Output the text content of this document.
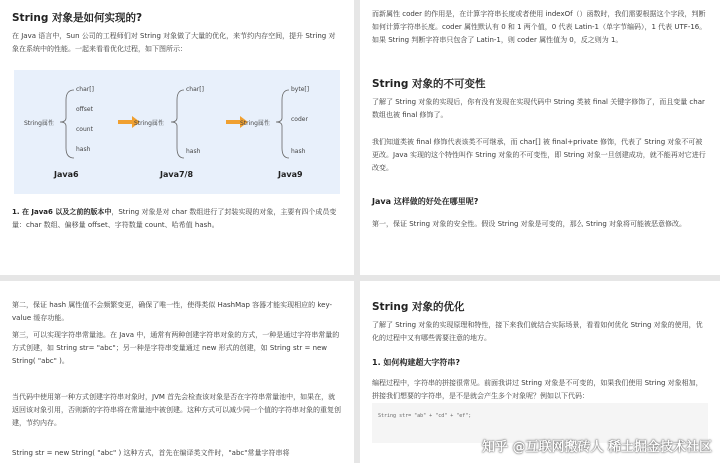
String 对象是如何实现的?
在 Java 语言中，Sun 公司的工程师们对 String 对象做了大量的优化，来节约内存空间，提升 String 对象在系统中的性能。一起来看看优化过程，如下图所示：
String属性
char[]
offset
count
hash
Java6
String属性
char[]
hash
Java7/8
String属性
byte[]
coder
hash
Java9
1. 在 Java6 以及之前的版本中，String 对象是对 char 数组进行了封装实现的对象，主要有四个成员变量：char 数组、偏移量 offset、字符数量 count、哈希值 hash。
而新属性 coder 的作用是，在计算字符串长度或者使用 indexOf（）函数时，我们需要根据这个字段，判断如何计算字符串长度。coder 属性默认有 0 和 1 两个值，0 代表 Latin-1（单字节编码），1 代表 UTF-16。如果 String 判断字符串只包含了 Latin-1，则 coder 属性值为 0，反之则为 1。
String 对象的不可变性
了解了 String 对象的实现后，你有没有发现在实现代码中 String 类被 final 关键字修饰了，而且变量 char 数组也被 final 修饰了。
我们知道类被 final 修饰代表该类不可继承，而 char[] 被 final+private 修饰，代表了 String 对象不可被更改。Java 实现的这个特性叫作 String 对象的不可变性，即 String 对象一旦创建成功，就不能再对它进行改变。
Java 这样做的好处在哪里呢?
第一，保证 String 对象的安全性。假设 String 对象是可变的，那么 String 对象将可能被恶意修改。
第二，保证 hash 属性值不会频繁变更，确保了唯一性，使得类似 HashMap 容器才能实现相应的 key-value 缓存功能。
第三，可以实现字符串常量池。在 Java 中，通常有两种创建字符串对象的方式，一种是通过字符串常量的方式创建，如 String str= "abc"；另一种是字符串变量通过 new 形式的创建，如 String str = new String( "abc" )。
当代码中使用第一种方式创建字符串对象时，JVM 首先会检查该对象是否在字符串常量池中，如果在，就返回该对象引用，否则新的字符串将在常量池中被创建。这种方式可以减少同一个值的字符串对象的重复创建，节约内存。
String str = new String( "abc" ) 这种方式，首先在编译类文件时，"abc"常量字符串将
String 对象的优化
了解了 String 对象的实现原理和特性，接下来我们就结合实际场景，看看如何优化 String 对象的使用，优化的过程中又有哪些需要注意的地方。
1. 如何构建超大字符串?
编程过程中，字符串的拼接很常见。前面我讲过 String 对象是不可变的，如果我们使用 String 对象相加，拼接我们想要的字符串，是不是就会产生多个对象呢？例如以下代码：
String str= "ab" + "cd" + "ef";
知乎 @互联网搬砖人 稀土掘金技术社区
